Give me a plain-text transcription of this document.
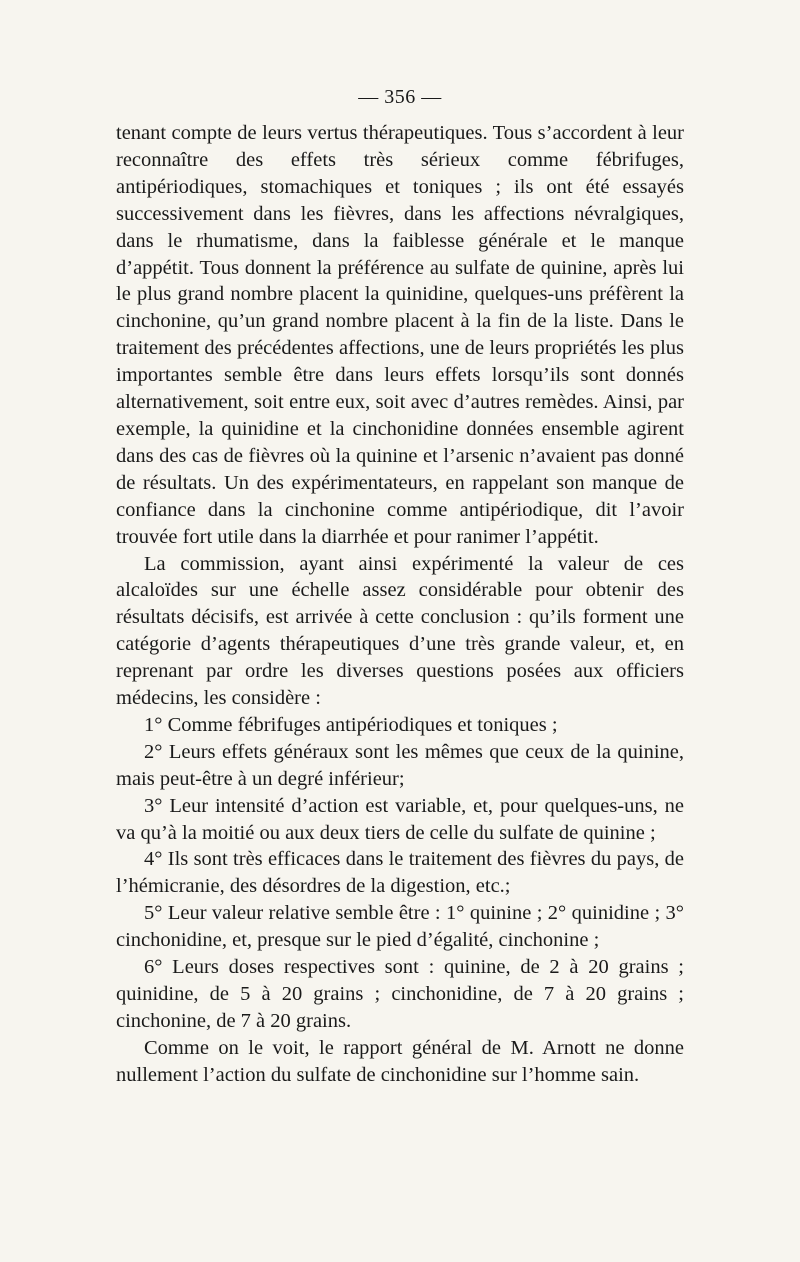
— 356 —

tenant compte de leurs vertus thérapeutiques. Tous s’accordent à leur reconnaître des effets très sérieux comme fébrifuges, antipériodiques, stomachiques et toniques ; ils ont été essayés successivement dans les fièvres, dans les affections névralgiques, dans le rhumatisme, dans la faiblesse générale et le manque d’appétit. Tous donnent la préférence au sulfate de quinine, après lui le plus grand nombre placent la quinidine, quelques-uns préfèrent la cinchonine, qu’un grand nombre placent à la fin de la liste. Dans le traitement des précédentes affections, une de leurs propriétés les plus importantes semble être dans leurs effets lorsqu’ils sont donnés alternativement, soit entre eux, soit avec d’autres remèdes. Ainsi, par exemple, la quinidine et la cinchonidine données ensemble agirent dans des cas de fièvres où la quinine et l’arsenic n’avaient pas donné de résultats. Un des expérimentateurs, en rappelant son manque de confiance dans la cinchonine comme antipériodique, dit l’avoir trouvée fort utile dans la diarrhée et pour ranimer l’appétit.

La commission, ayant ainsi expérimenté la valeur de ces alcaloïdes sur une échelle assez considérable pour obtenir des résultats décisifs, est arrivée à cette conclusion : qu’ils forment une catégorie d’agents thérapeutiques d’une très grande valeur, et, en reprenant par ordre les diverses questions posées aux officiers médecins, les considère :

1° Comme fébrifuges antipériodiques et toniques ;

2° Leurs effets généraux sont les mêmes que ceux de la quinine, mais peut-être à un degré inférieur;

3° Leur intensité d’action est variable, et, pour quelques-uns, ne va qu’à la moitié ou aux deux tiers de celle du sulfate de quinine ;

4° Ils sont très efficaces dans le traitement des fièvres du pays, de l’hémicranie, des désordres de la digestion, etc.;

5° Leur valeur relative semble être : 1° quinine ; 2° quinidine ; 3° cinchonidine, et, presque sur le pied d’égalité, cinchonine ;

6° Leurs doses respectives sont : quinine, de 2 à 20 grains ; quinidine, de 5 à 20 grains ; cinchonidine, de 7 à 20 grains ; cinchonine, de 7 à 20 grains.

Comme on le voit, le rapport général de M. Arnott ne donne nullement l’action du sulfate de cinchonidine sur l’homme sain.
